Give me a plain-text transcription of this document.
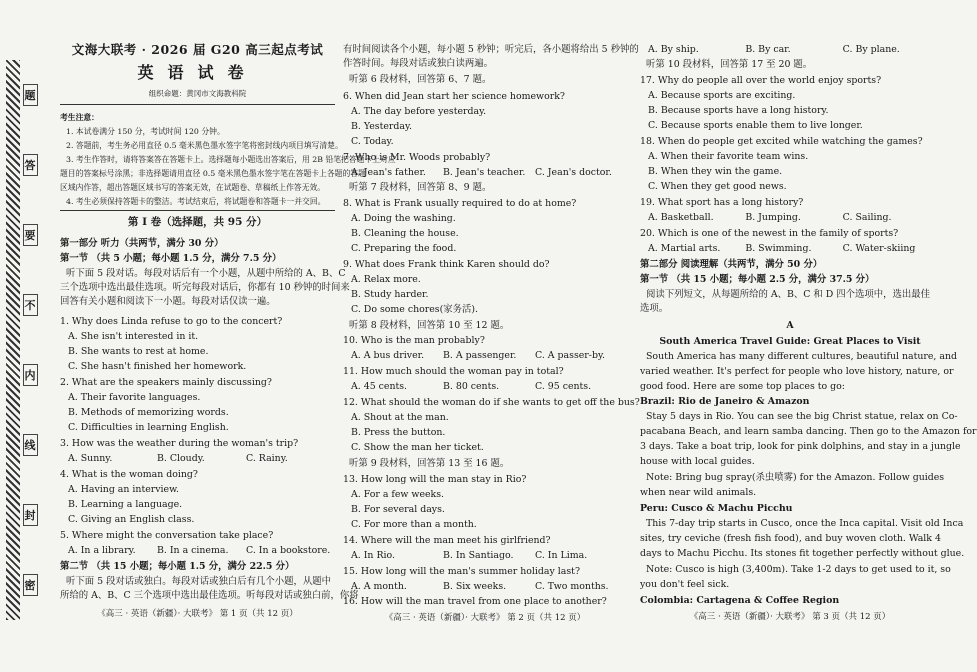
题
答
要
不
内
线
封
密
文海大联考 · 2026 届 G20 高三起点考试
英语试卷
组织命题：黄冈市文海教科院
考生注意：
1. 本试卷满分 150 分，考试时间 120 分钟。
2. 答题前，考生务必用直径 0.5 毫米黑色墨水签字笔将密封线内项目填写清楚。
3. 考生作答时，请将答案答在答题卡上。选择题每小题选出答案后，用 2B 铅笔把答题卡上对应
题目的答案标号涂黑；非选择题请用直径 0.5 毫米黑色墨水签字笔在答题卡上各题的答题
区域内作答，超出答题区域书写的答案无效，在试题卷、草稿纸上作答无效。
4. 考生必须保持答题卡的整洁。考试结束后，将试题卷和答题卡一并交回。
第 Ⅰ 卷（选择题，共 95 分）
第一部分 听力（共两节，满分 30 分）
第一节 （共 5 小题；每小题 1.5 分，满分 7.5 分）
听下面 5 段对话。每段对话后有一个小题，从题中所给的 A、B、C
三个选项中选出最佳选项。听完每段对话后，你都有 10 秒钟的时间来
回答有关小题和阅读下一小题。每段对话仅读一遍。
1. Why does Linda refuse to go to the concert?
A. She isn't interested in it.
B. She wants to rest at home.
C. She hasn't finished her homework.
2. What are the speakers mainly discussing?
A. Their favorite languages.
B. Methods of memorizing words.
C. Difficulties in learning English.
3. How was the weather during the woman's trip?
A. Sunny.	B. Cloudy.	C. Rainy.
4. What is the woman doing?
A. Having an interview.
B. Learning a language.
C. Giving an English class.
5. Where might the conversation take place?
A. In a library.	B. In a cinema.	C. In a bookstore.
第二节 （共 15 小题；每小题 1.5 分，满分 22.5 分）
听下面 5 段对话或独白。每段对话或独白后有几个小题，从题中
所给的 A、B、C 三个选项中选出最佳选项。听每段对话或独白前，你将
《高三 · 英语（新疆）· 大联考》 第 1 页（共 12 页）
有时间阅读各个小题，每小题 5 秒钟；听完后，各小题将给出 5 秒钟的
作答时间。每段对话或独白读两遍。
听第 6 段材料，回答第 6、7 题。
6. When did Jean start her science homework?
A. The day before yesterday.
B. Yesterday.
C. Today.
7. Who is Mr. Woods probably?
A. Jean's father.	B. Jean's teacher.	C. Jean's doctor.
听第 7 段材料，回答第 8、9 题。
8. What is Frank usually required to do at home?
A. Doing the washing.
B. Cleaning the house.
C. Preparing the food.
9. What does Frank think Karen should do?
A. Relax more.
B. Study harder.
C. Do some chores(家务活).
听第 8 段材料，回答第 10 至 12 题。
10. Who is the man probably?
A. A bus driver.	B. A passenger.	C. A passer-by.
11. How much should the woman pay in total?
A. 45 cents.	B. 80 cents.	C. 95 cents.
12. What should the woman do if she wants to get off the bus?
A. Shout at the man.
B. Press the button.
C. Show the man her ticket.
听第 9 段材料，回答第 13 至 16 题。
13. How long will the man stay in Rio?
A. For a few weeks.
B. For several days.
C. For more than a month.
14. Where will the man meet his girlfriend?
A. In Rio.	B. In Santiago.	C. In Lima.
15. How long will the man's summer holiday last?
A. A month.	B. Six weeks.	C. Two months.
16. How will the man travel from one place to another?
《高三 · 英语（新疆）· 大联考》 第 2 页（共 12 页）
A. By ship.	B. By car.	C. By plane.
听第 10 段材料，回答第 17 至 20 题。
17. Why do people all over the world enjoy sports?
A. Because sports are exciting.
B. Because sports have a long history.
C. Because sports enable them to live longer.
18. When do people get excited while watching the games?
A. When their favorite team wins.
B. When they win the game.
C. When they get good news.
19. What sport has a long history?
A. Basketball.	B. Jumping.	C. Sailing.
20. Which is one of the newest in the family of sports?
A. Martial arts.	B. Swimming.	C. Water-skiing
第二部分 阅读理解（共两节，满分 50 分）
第一节 （共 15 小题；每小题 2.5 分，满分 37.5 分）
阅读下列短文，从每题所给的 A、B、C 和 D 四个选项中，选出最佳
选项。
A
South America Travel Guide: Great Places to Visit
South America has many different cultures, beautiful nature, and
varied weather. It's perfect for people who love history, nature, or
good food. Here are some top places to go:
Brazil: Rio de Janeiro & Amazon
Stay 5 days in Rio. You can see the big Christ statue, relax on Co-
pacabana Beach, and learn samba dancing. Then go to the Amazon for
3 days. Take a boat trip, look for pink dolphins, and stay in a jungle
house with local guides.
Note: Bring bug spray(杀虫喷雾) for the Amazon. Follow guides
when near wild animals.
Peru: Cusco & Machu Picchu
This 7-day trip starts in Cusco, once the Inca capital. Visit old Inca
sites, try ceviche (fresh fish food), and buy woven cloth. Walk 4
days to Machu Picchu. Its stones fit together perfectly without glue.
Note: Cusco is high (3,400m). Take 1-2 days to get used to it, so
you don't feel sick.
Colombia: Cartagena & Coffee Region
《高三 · 英语（新疆）· 大联考》 第 3 页（共 12 页）
